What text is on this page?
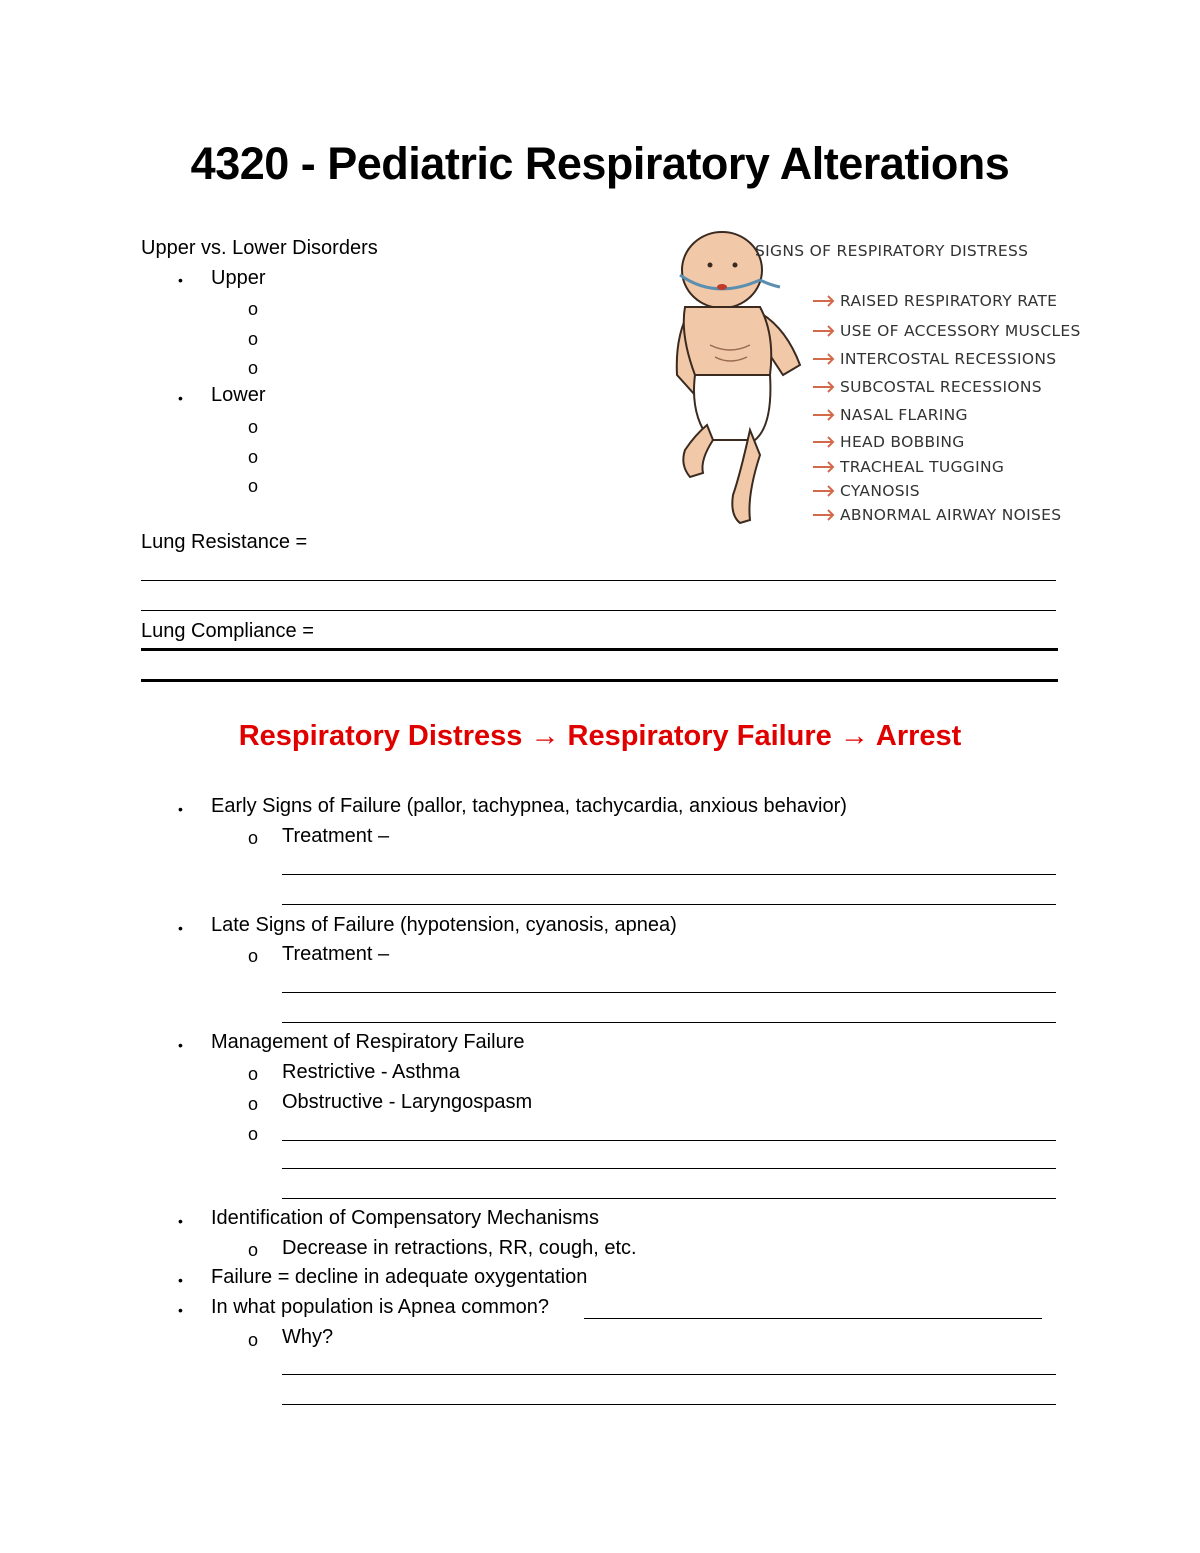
4320 - Pediatric Respiratory Alterations
Upper vs. Lower Disorders
• Upper
o
o
o
• Lower
o
o
o
Lung Resistance =
Lung Compliance =
SIGNS OF RESPIRATORY DISTRESS
RAISED RESPIRATORY RATE
USE OF ACCESSORY MUSCLES
INTERCOSTAL RECESSIONS
SUBCOSTAL RECESSIONS
NASAL FLARING
HEAD BOBBING
TRACHEAL TUGGING
CYANOSIS
ABNORMAL AIRWAY NOISES
Respiratory Distress → Respiratory Failure → Arrest
• Early Signs of Failure (pallor, tachypnea, tachycardia, anxious behavior)
o Treatment –
• Late Signs of Failure (hypotension, cyanosis, apnea)
o Treatment –
• Management of Respiratory Failure
o Restrictive - Asthma
o Obstructive - Laryngospasm
o
• Identification of Compensatory Mechanisms
o Decrease in retractions, RR, cough, etc.
• Failure = decline in adequate oxygentation
• In what population is Apnea common?
o Why?
